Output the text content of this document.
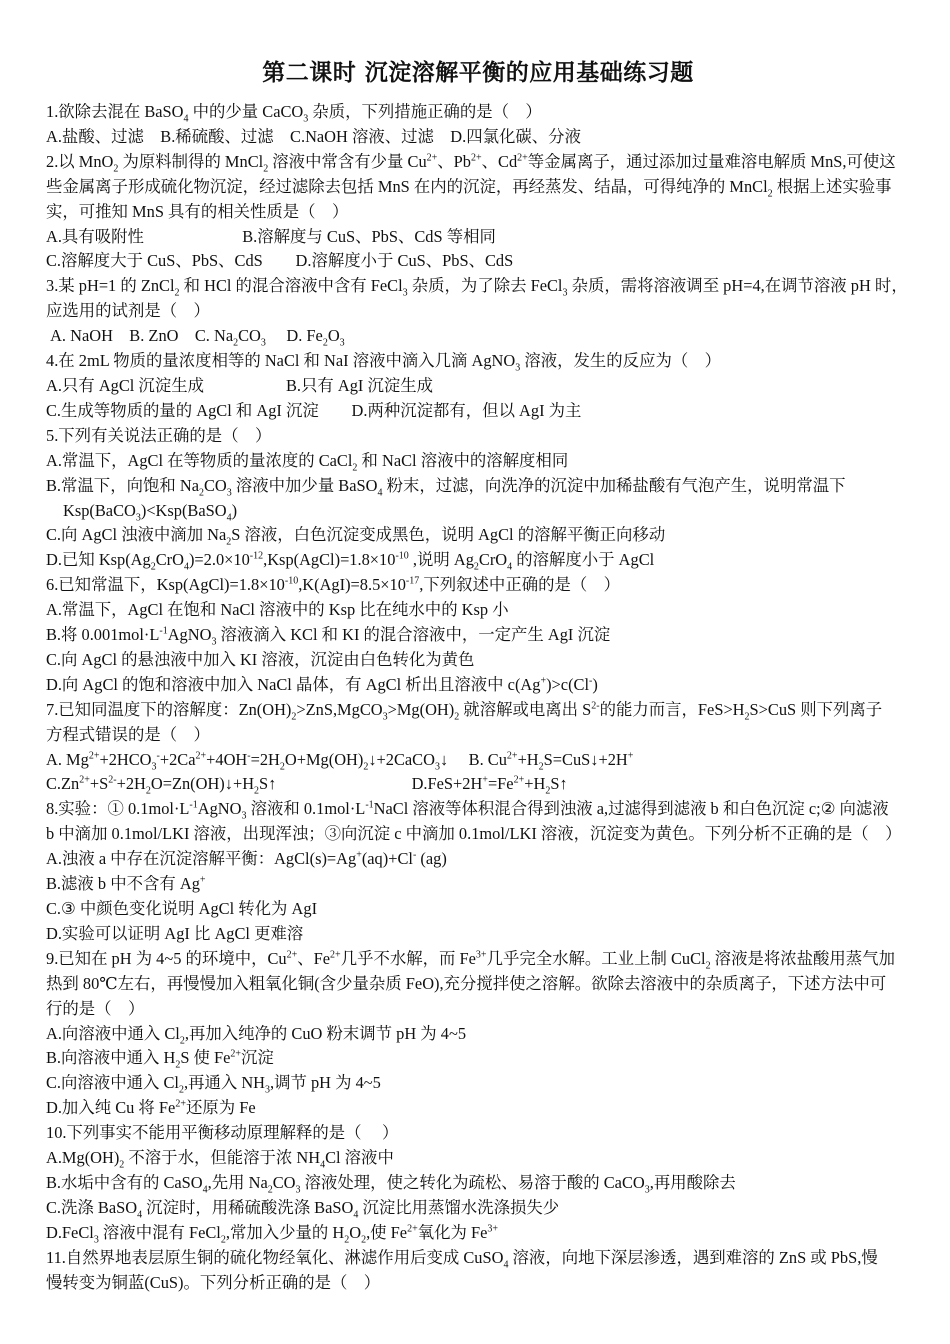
第二课时 沉淀溶解平衡的应用基础练习题
1.欲除去混在 BaSO$_4$ 中的少量 CaCO$_3$ 杂质，下列措施正确的是（　）
A.盐酸、过滤　B.稀硫酸、过滤　C.NaOH 溶液、过滤　D.四氯化碳、分液
2.以 MnO$_2$ 为原料制得的 MnCl$_2$ 溶液中常含有少量 $Cu^{2+}$、$Pb^{2+}$、$Cd^{2+}$等金属离子，通过添加过量难溶电解质 MnS,可使这
些金属离子形成硫化物沉淀，经过滤除去包括 MnS 在内的沉淀，再经蒸发、结晶，可得纯净的 MnCl$_2$ 根据上述实验事
实，可推知 MnS 具有的相关性质是（　）
A.具有吸附性　　　　　　B.溶解度与 CuS、PbS、CdS 等相同
C.溶解度大于 CuS、PbS、CdS　　D.溶解度小于 CuS、PbS、CdS
3.某 pH=1 的 ZnCl$_2$ 和 HCl 的混合溶液中含有 FeCl$_3$ 杂质，为了除去 FeCl$_3$ 杂质，需将溶液调至 pH=4,在调节溶液 pH 时，
应选用的试剂是（　）
A. NaOH　B. ZnO　C. $Na_2CO_3$　 D. $Fe_2O_3$
4.在 2mL 物质的量浓度相等的 NaCl 和 NaI 溶液中滴入几滴 AgNO$_3$ 溶液，发生的反应为（　）
A.只有 AgCl 沉淀生成　　　　　B.只有 AgI 沉淀生成
C.生成等物质的量的 AgCl 和 AgI 沉淀　　D.两种沉淀都有，但以 AgI 为主
5.下列有关说法正确的是（　）
A.常温下，AgCl 在等物质的量浓度的 CaCl$_2$ 和 NaCl 溶液中的溶解度相同
B.常温下，向饱和 $Na_2CO_3$ 溶液中加少量 BaSO$_4$ 粉末，过滤，向洗净的沉淀中加稀盐酸有气泡产生，说明常温下
Ksp(BaCO$_3$)<Ksp(BaSO$_4$)
C.向 AgCl 浊液中滴加 $Na_2S$ 溶液，白色沉淀变成黑色，说明 AgCl 的溶解平衡正向移动
D.已知 $Ksp(Ag_2CrO_4)=2.0\times 10^{-12},Ksp(AgCl)=1.8\times 10^{-10}$ ,说明 $Ag_2CrO_4$ 的溶解度小于 AgCl
6.已知常温下，$Ksp(AgCl)=1.8\times 10^{-10},K(AgI)=8.5\times 10^{-17}$,下列叙述中正确的是（　）
A.常温下，AgCl 在饱和 NaCl 溶液中的 Ksp 比在纯水中的 Ksp 小
B.将 $0.001mol\cdot L^{-1}AgNO_3$ 溶液滴入 KCl 和 KI 的混合溶液中，一定产生 AgI 沉淀
C.向 AgCl 的悬浊液中加入 KI 溶液，沉淀由白色转化为黄色
D.向 AgCl 的饱和溶液中加入 NaCl 晶体，有 AgCl 析出且溶液中 c(Ag+)>c(Cl-)
7.已知同温度下的溶解度：$Zn(OH)_2>ZnS,MgCO_3>Mg(OH)_2$ 就溶解或电离出 $S^{2-}$的能力而言，$FeS>H_2S>CuS$ 则下列离子
方程式错误的是（　）
A. $Mg^{2+}+2HCO_3^-+2Ca^{2+}+4OH^-=2H_2O+Mg(OH)_2↓+2CaCO_3↓$　 B. $Cu^{2+}+H_2S=CuS↓+2H^+$
$C.Zn^{2+}+S^{2-}+2H_2O=Zn(OH)↓+H_2S↑$　　　　　　　　 $D.FeS+2H^+=Fe^{2+}+H_2S↑$
8.实验：① $0.1mol\cdot L^{-1}AgNO_3$ 溶液和 $0.1mol\cdot L^{-1}NaCl$ 溶液等体积混合得到浊液 a,过滤得到滤液 b 和白色沉淀 c;② 向滤液
b 中滴加 0.1mol/LKI 溶液，出现浑浊；③向沉淀 c 中滴加 0.1mol/LKI 溶液，沉淀变为黄色。下列分析不正确的是（　）
A.浊液 a 中存在沉淀溶解平衡：AgCl(s)=Ag+(aq)+Cl- (ag)
B.滤液 b 中不含有 Ag+
C.③ 中颜色变化说明 AgCl 转化为 AgI
D.实验可以证明 AgI 比 AgCl 更难溶
9.已知在 pH 为 4~5 的环境中，$Cu^{2+}$、$Fe^{2+}$几乎不水解，而 $Fe^{3+}$几乎完全水解。工业上制 CuCl$_2$ 溶液是将浓盐酸用蒸气加
热到 80℃左右，再慢慢加入粗氧化铜(含少量杂质 FeO),充分搅拌使之溶解。欲除去溶液中的杂质离子，下述方法中可
行的是（　）
A.向溶液中通入 $Cl_2$,再加入纯净的 CuO 粉末调节 pH 为 4~5
B.向溶液中通入 $H_2S$ 使 $Fe^{2+}$沉淀
C.向溶液中通入 $Cl_2$,再通入 $NH_3$,调节 pH 为 4~5
D.加入纯 Cu 将 $Fe^{2+}$还原为 Fe
10.下列事实不能用平衡移动原理解释的是（　 ）
$A.Mg(OH)_2$ 不溶于水，但能溶于浓 $NH_4Cl$ 溶液中
B.水垢中含有的 CaSO$_4$,先用 $Na_2CO_3$ 溶液处理，使之转化为疏松、易溶于酸的 CaCO$_3$,再用酸除去
C.洗涤 BaSO$_4$ 沉淀时，用稀硫酸洗涤 BaSO$_4$ 沉淀比用蒸馏水洗涤损失少
D.FeCl$_3$ 溶液中混有 FeCl$_2$,常加入少量的 $H_2O_2$,使 $Fe^{2+}$氧化为 $Fe^{3+}$
11.自然界地表层原生铜的硫化物经氧化、淋滤作用后变成 CuSO$_4$ 溶液，向地下深层渗透，遇到难溶的 ZnS 或 PbS,慢
慢转变为铜蓝(CuS)。下列分析正确的是（　）
